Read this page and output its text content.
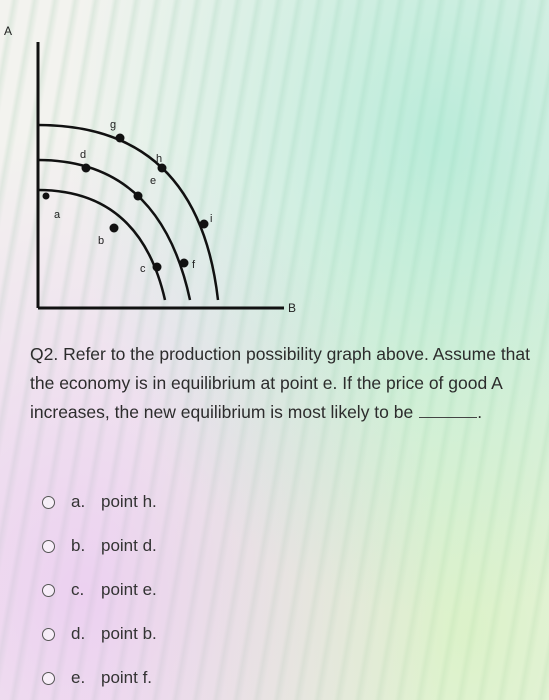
A
B
a
b
c
d
e
f
g
h
i
Q2. Refer to the production possibility graph above. Assume that the economy is in equilibrium at point e. If the price of good A increases, the new equilibrium is most likely to be	.
a. point h.
b. point d.
c. point e.
d. point b.
e. point f.
